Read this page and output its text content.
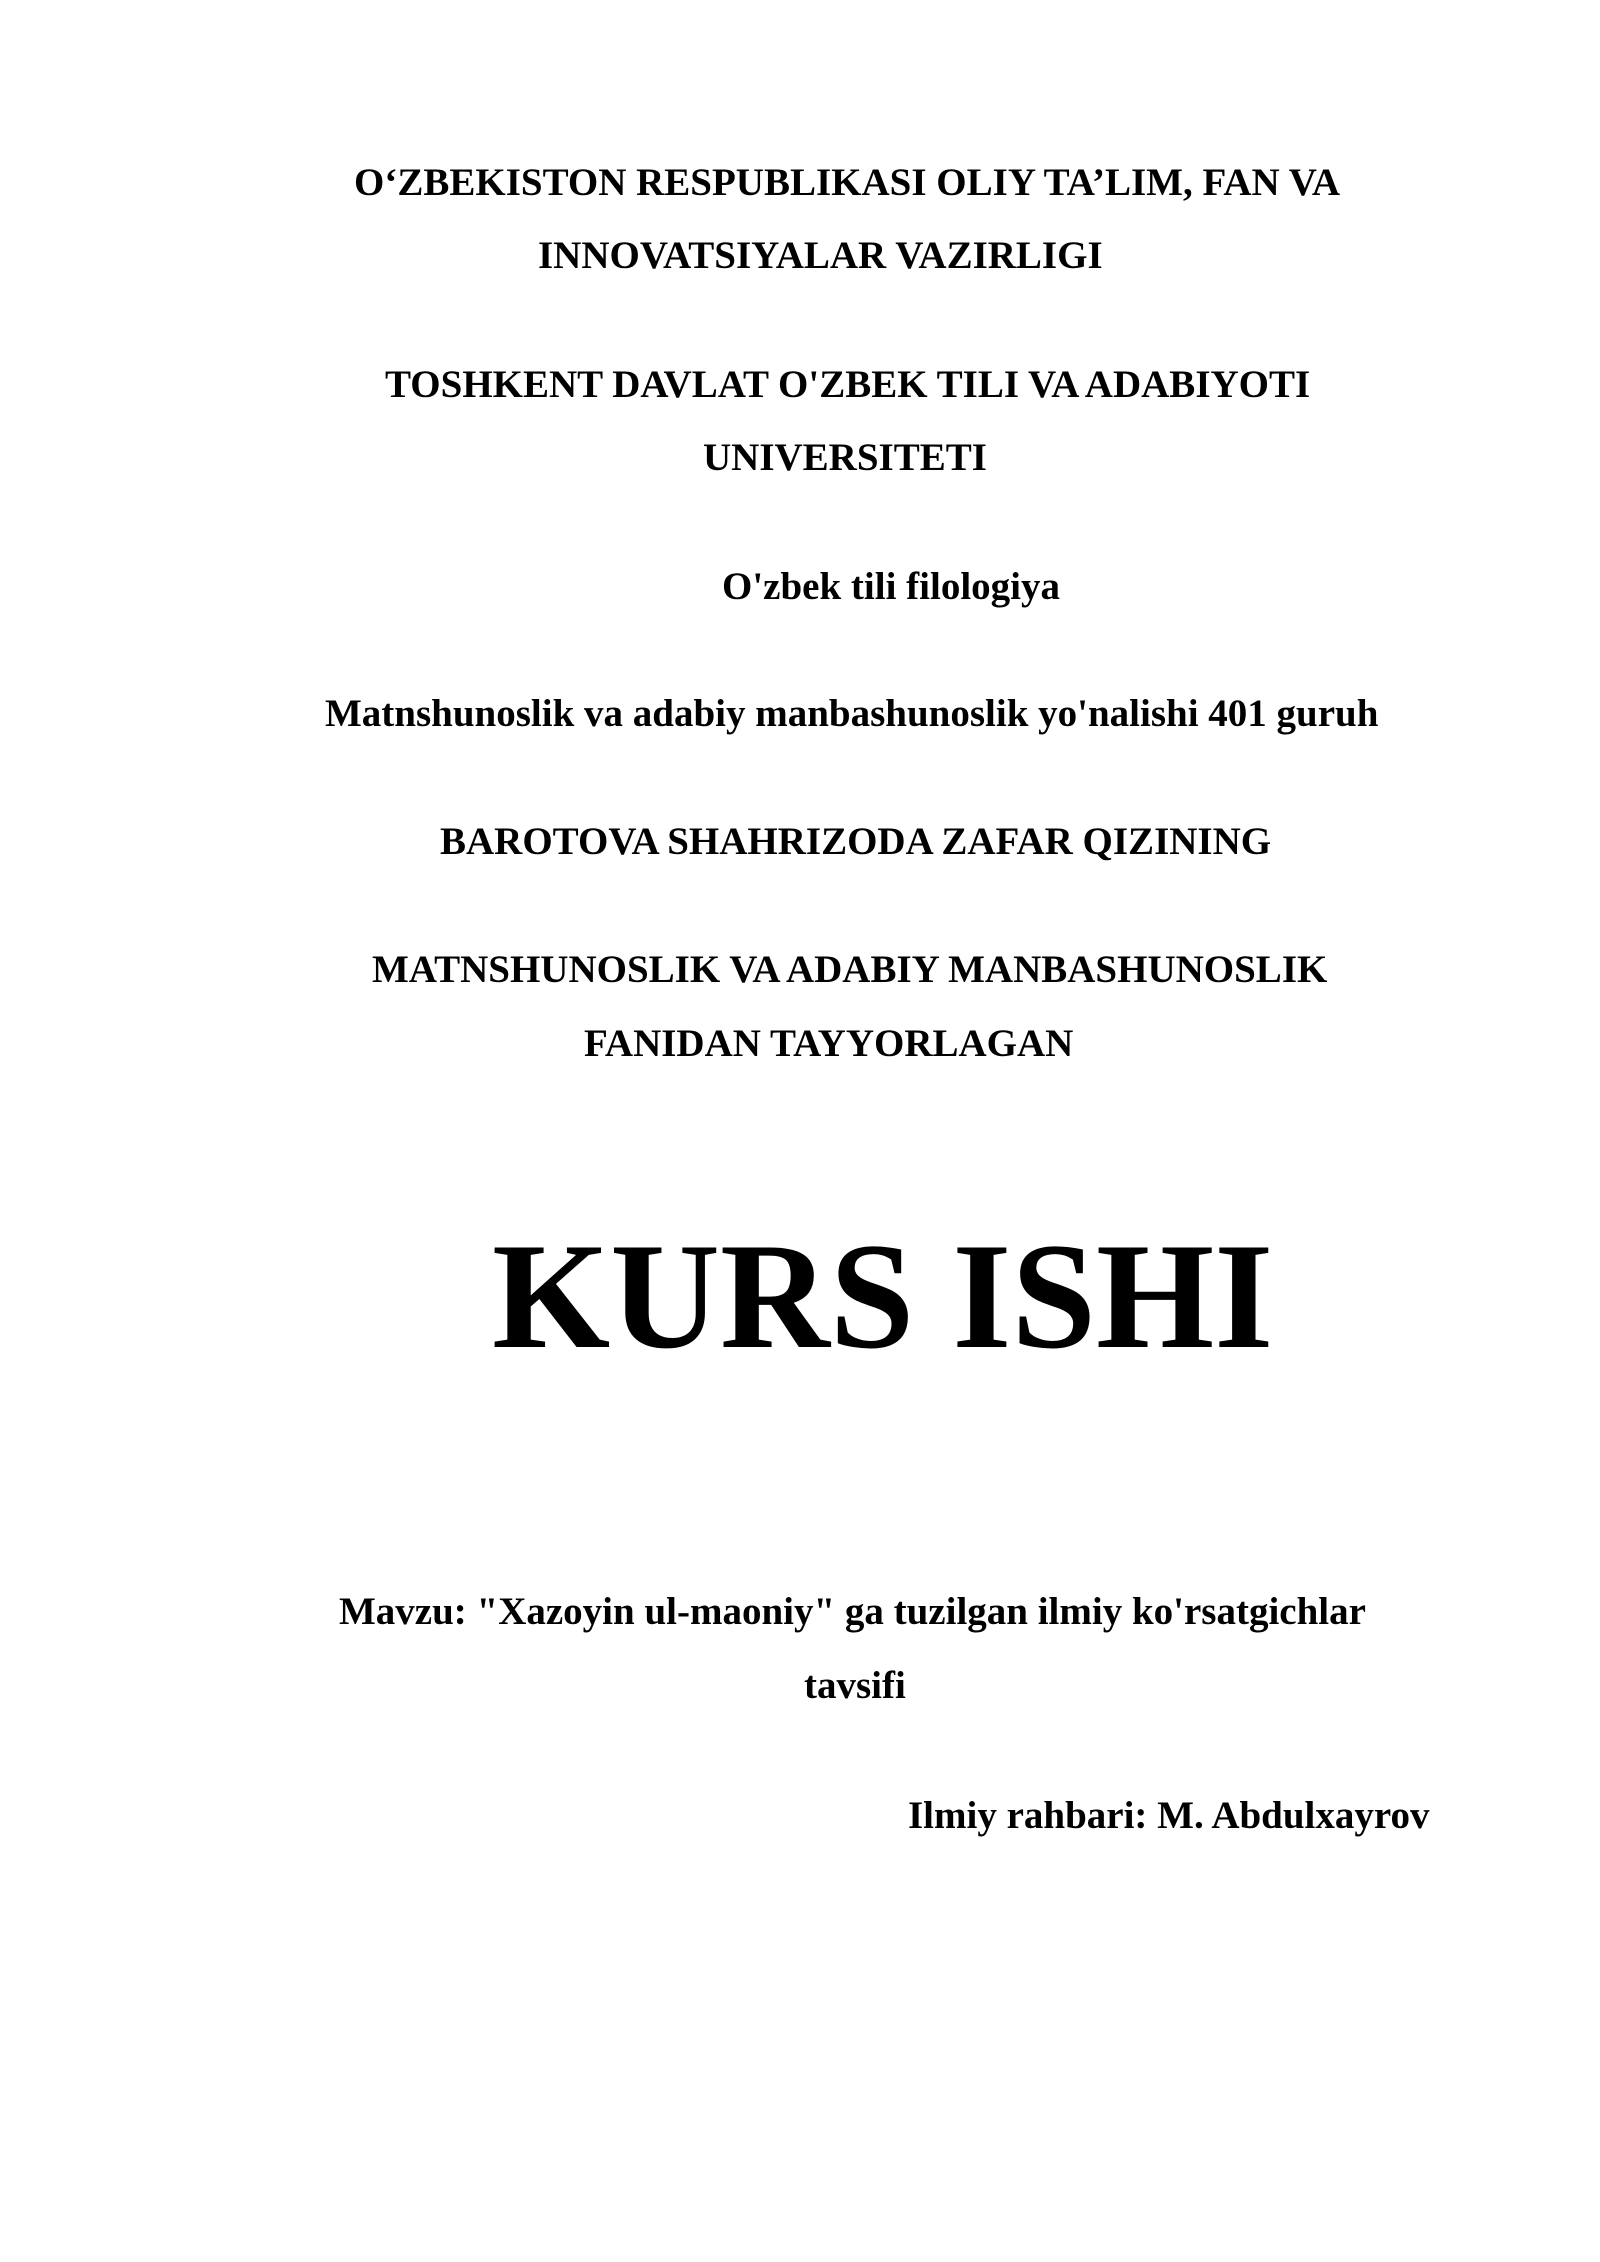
O‘ZBEKISTON RESPUBLIKASI OLIY TA’LIM, FAN VA
INNOVATSIYALAR VAZIRLIGI
TOSHKENT DAVLAT O'ZBEK TILI VA ADABIYOTI
UNIVERSITETI
O'zbek tili filologiya
Matnshunoslik va adabiy manbashunoslik yo'nalishi 401 guruh
BAROTOVA SHAHRIZODA ZAFAR QIZINING
MATNSHUNOSLIK VA ADABIY MANBASHUNOSLIK
FANIDAN TAYYORLAGAN
KURS ISHI
Mavzu: "Xazoyin ul-maoniy" ga tuzilgan ilmiy ko'rsatgichlar
tavsifi
Ilmiy rahbari: M. Abdulxayrov
